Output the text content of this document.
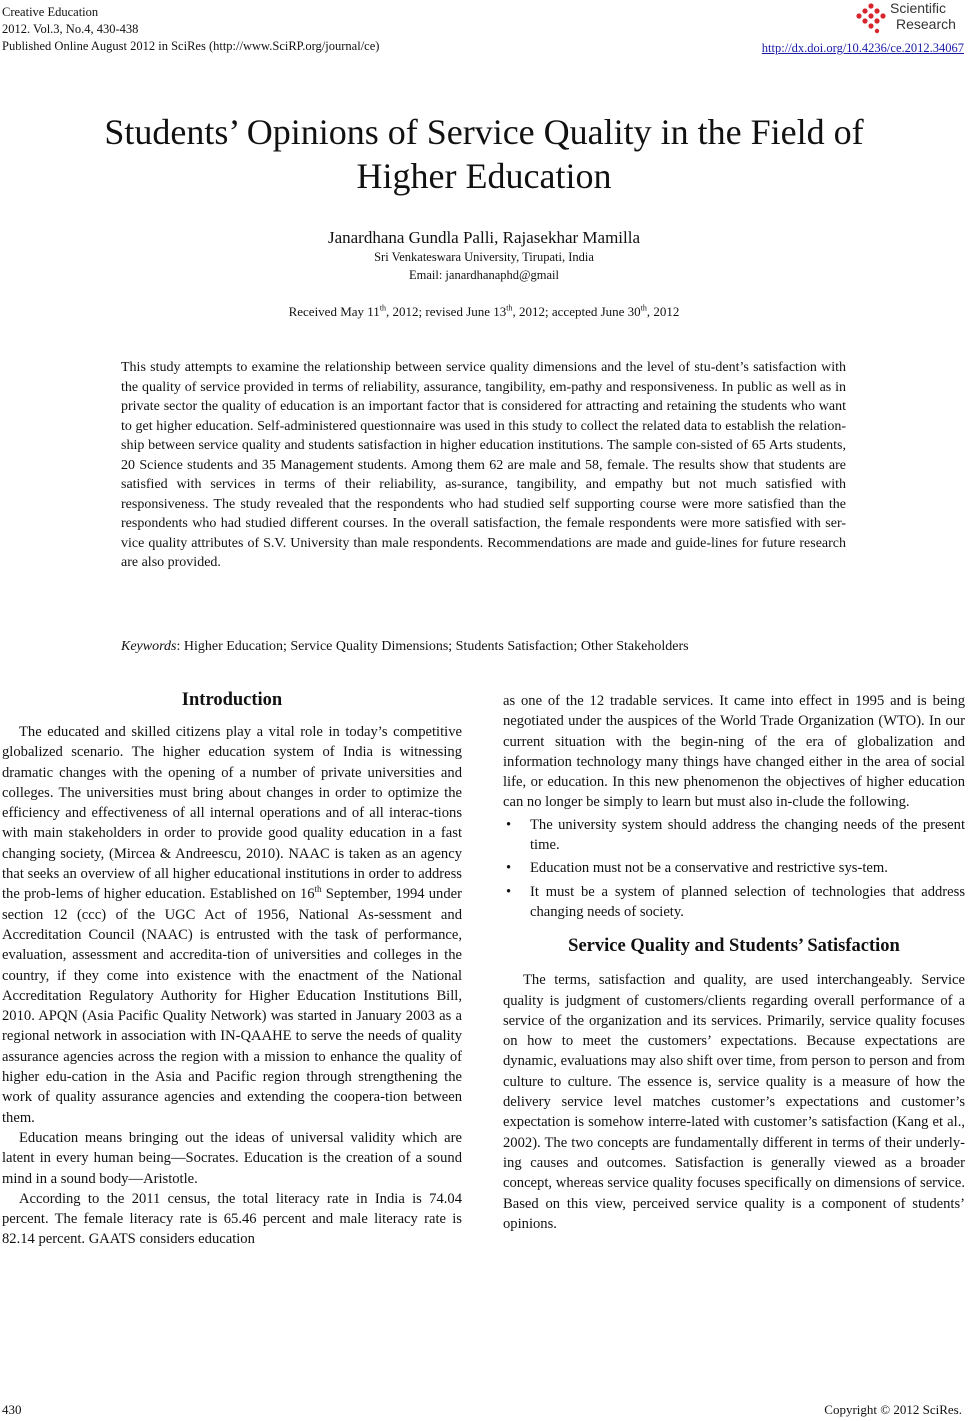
Creative Education
2012. Vol.3, No.4, 430-438
Published Online August 2012 in SciRes (http://www.SciRP.org/journal/ce)
Scientific
Research
http://dx.doi.org/10.4236/ce.2012.34067
Students’ Opinions of Service Quality in the Field of
Higher Education
Janardhana Gundla Palli, Rajasekhar Mamilla
Sri Venkateswara University, Tirupati, India
Email: janardhanaphd@gmail
Received May 11th, 2012; revised June 13th, 2012; accepted June 30th, 2012
This study attempts to examine the relationship between service quality dimensions and the level of stu-dent’s satisfaction with the quality of service provided in terms of reliability, assurance, tangibility, em-pathy and responsiveness. In public as well as in private sector the quality of education is an important factor that is considered for attracting and retaining the students who want to get higher education. Self-administered questionnaire was used in this study to collect the related data to establish the relation-ship between service quality and students satisfaction in higher education institutions. The sample con-sisted of 65 Arts students, 20 Science students and 35 Management students. Among them 62 are male and 58, female. The results show that students are satisfied with services in terms of their reliability, as-surance, tangibility, and empathy but not much satisfied with responsiveness. The study revealed that the respondents who had studied self supporting course were more satisfied than the respondents who had studied different courses. In the overall satisfaction, the female respondents were more satisfied with ser-vice quality attributes of S.V. University than male respondents. Recommendations are made and guide-lines for future research are also provided.
Keywords: Higher Education; Service Quality Dimensions; Students Satisfaction; Other Stakeholders
Introduction

The educated and skilled citizens play a vital role in today’s competitive globalized scenario. The higher education system of India is witnessing dramatic changes with the opening of a number of private universities and colleges. The universities must bring about changes in order to optimize the efficiency and effectiveness of all internal operations and of all interac-tions with main stakeholders in order to provide good quality education in a fast changing society, (Mircea & Andreescu, 2010). NAAC is taken as an agency that seeks an overview of all higher educational institutions in order to address the prob-lems of higher education. Established on 16th September, 1994 under section 12 (ccc) of the UGC Act of 1956, National As-sessment and Accreditation Council (NAAC) is entrusted with the task of performance, evaluation, assessment and accredita-tion of universities and colleges in the country, if they come into existence with the enactment of the National Accreditation Regulatory Authority for Higher Education Institutions Bill, 2010. APQN (Asia Pacific Quality Network) was started in January 2003 as a regional network in association with IN-QAAHE to serve the needs of quality assurance agencies across the region with a mission to enhance the quality of higher edu-cation in the Asia and Pacific region through strengthening the work of quality assurance agencies and extending the coopera-tion between them.

Education means bringing out the ideas of universal validity which are latent in every human being—Socrates. Education is the creation of a sound mind in a sound body—Aristotle.

According to the 2011 census, the total literacy rate in India is 74.04 percent. The female literacy rate is 65.46 percent and male literacy rate is 82.14 percent. GAATS considers education

as one of the 12 tradable services. It came into effect in 1995 and is being negotiated under the auspices of the World Trade Organization (WTO). In our current situation with the begin-ning of the era of globalization and information technology many things have changed either in the area of social life, or education. In this new phenomenon the objectives of higher education can no longer be simply to learn but must also in-clude the following.

• The university system should address the changing needs of the present time.
• Education must not be a conservative and restrictive sys-tem.
• It must be a system of planned selection of technologies that address changing needs of society.
Service Quality and Students’ Satisfaction

The terms, satisfaction and quality, are used interchangeably. Service quality is judgment of customers/clients regarding overall performance of a service of the organization and its services. Primarily, service quality focuses on how to meet the customers’ expectations. Because expectations are dynamic, evaluations may also shift over time, from person to person and from culture to culture. The essence is, service quality is a measure of how the delivery service level matches customer’s expectations and customer’s expectation is somehow interre-lated with customer’s satisfaction (Kang et al., 2002). The two concepts are fundamentally different in terms of their underly-ing causes and outcomes. Satisfaction is generally viewed as a broader concept, whereas service quality focuses specifically on dimensions of service. Based on this view, perceived service quality is a component of students’ opinions.

430	Copyright © 2012 SciRes.
